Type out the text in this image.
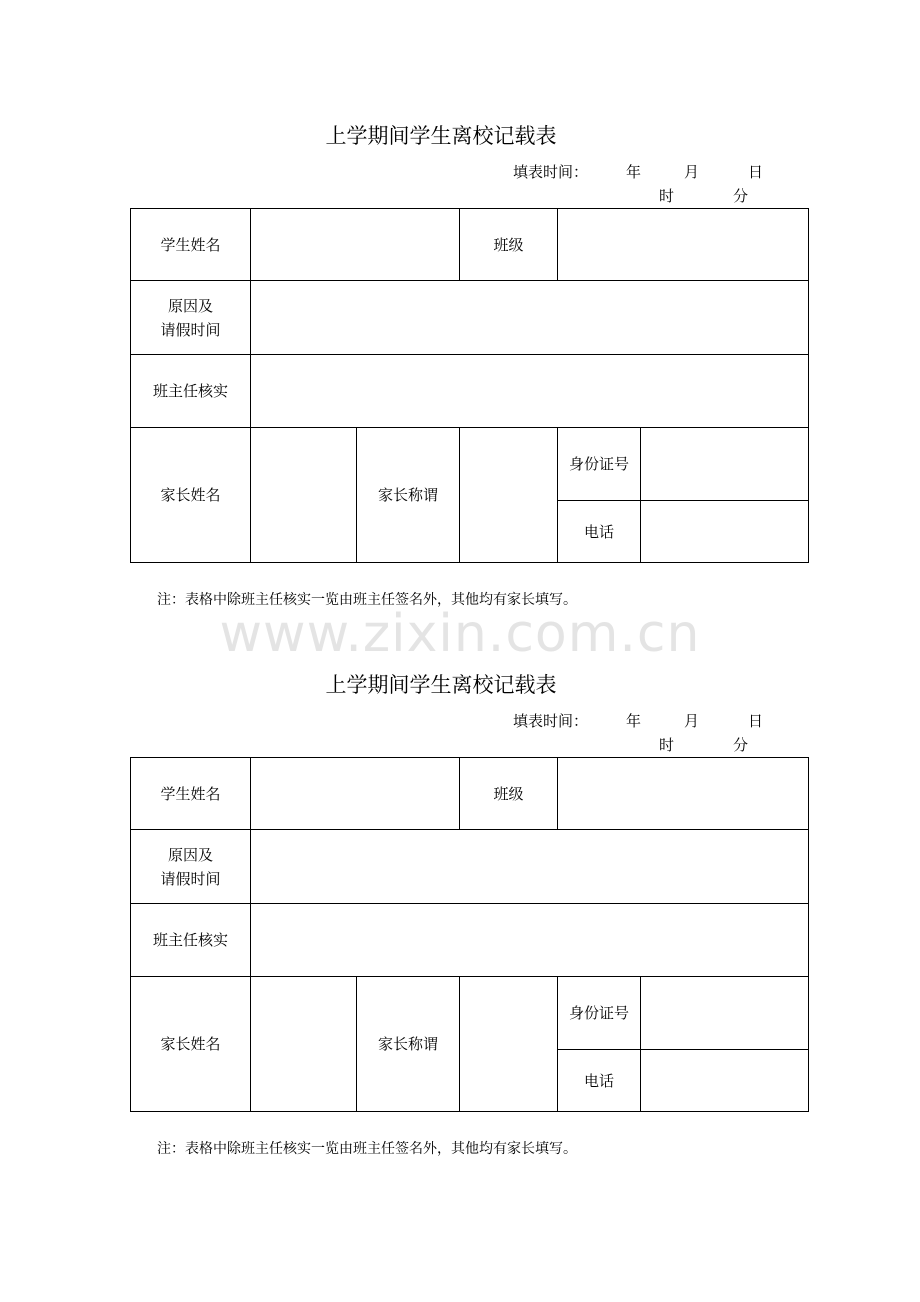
上学期间学生离校记载表
填表时间：	年	月	日
时	分
学生姓名			班级		

原因及
请假时间					

班主任核实					
家长姓名		家长称谓		身份证号	
				电话	
注：表格中除班主任核实一览由班主任签名外，其他均有家长填写。
www.zixin.com.cn
上学期间学生离校记载表
填表时间：	年	月	日
时	分
学生姓名			班级		

原因及
请假时间					

班主任核实					
家长姓名		家长称谓		身份证号	
				电话	
注：表格中除班主任核实一览由班主任签名外，其他均有家长填写。
